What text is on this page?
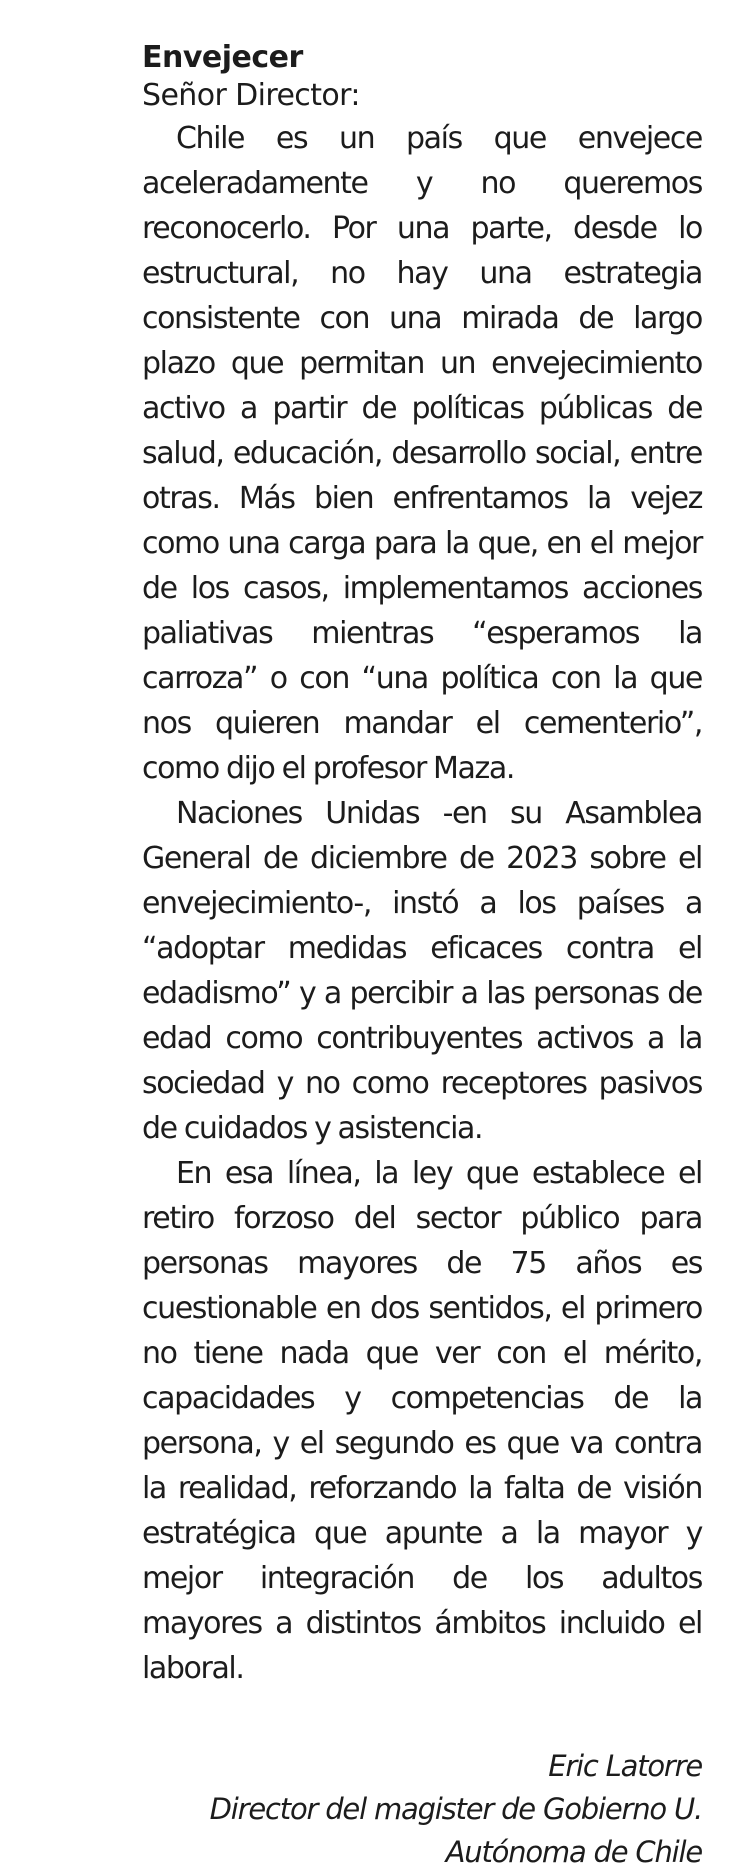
Envejecer

Señor Director:

Chile es un país que envejece aceleradamente y no queremos reconocerlo. Por una parte, desde lo estructural, no hay una estrategia consistente con una mirada de largo plazo que permitan un envejecimiento activo a partir de políticas públicas de salud, educación, desarrollo social, entre otras. Más bien enfrentamos la vejez como una carga para la que, en el mejor de los casos, implementamos acciones paliativas mientras “esperamos la carroza” o con “una política con la que nos quieren mandar el cementerio”, como dijo el profesor Maza.

Naciones Unidas -en su Asamblea General de diciembre de 2023 sobre el envejecimiento-, instó a los países a “adoptar medidas eficaces contra el edadismo” y a percibir a las personas de edad como contribuyentes activos a la sociedad y no como receptores pasivos de cuidados y asistencia.

En esa línea, la ley que establece el retiro forzoso del sector público para personas mayores de 75 años es cuestionable en dos sentidos, el primero no tiene nada que ver con el mérito, capacidades y competencias de la persona, y el segundo es que va contra la realidad, reforzando la falta de visión estratégica que apunte a la mayor y mejor integración de los adultos mayores a distintos ámbitos incluido el laboral.

Eric Latorre
Director del magister de Gobierno U.
Autónoma de Chile
